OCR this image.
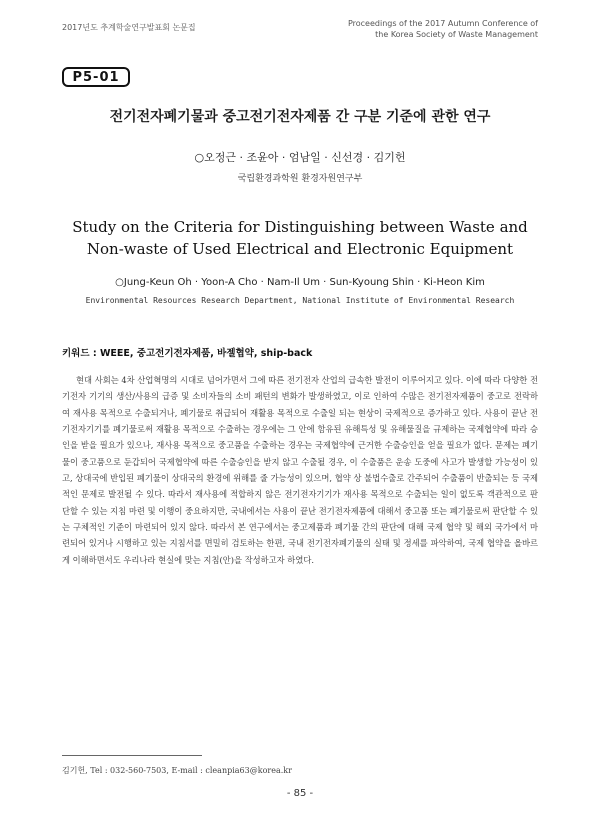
2017년도 추계학술연구발표회 논문집	Proceedings of the 2017 Autumn Conference of
the Korea Society of Waste Management
P5-01
전기전자폐기물과 중고전기전자제품 간 구분 기준에 관한 연구
○오정근 · 조윤아 · 엄남일 · 신선경 · 김기헌
국립환경과학원 환경자원연구부
Study on the Criteria for Distinguishing between Waste and
Non-waste of Used Electrical and Electronic Equipment
○Jung-Keun Oh · Yoon-A Cho · Nam-Il Um · Sun-Kyoung Shin · Ki-Heon Kim
Environmental Resources Research Department, National Institute of Environmental Research
키워드 : WEEE, 중고전기전자제품, 바젤협약, ship-back

현대 사회는 4차 산업혁명의 시대로 넘어가면서 그에 따른 전기전자 산업의 급속한 발전이 이루어지고 있다. 이에 따라 다양한 전기전자 기기의 생산/사용의 급증 및 소비자들의 소비 패턴의 변화가 발생하였고, 이로 인하여 수많은 전기전자제품이 중고로 전락하여 재사용 목적으로 수출되거나, 폐기물로 취급되어 재활용 목적으로 수출일 되는 현상이 국제적으로 증가하고 있다. 사용이 끝난 전기전자기기를 폐기물로써 재활용 목적으로 수출하는 경우에는 그 안에 함유된 유해특성 및 유해물질을 규제하는 국제협약에 따라 승인을 받을 필요가 있으나, 재사용 목적으로 중고품을 수출하는 경우는 국제협약에 근거한 수출승인을 얻을 필요가 없다. 문제는 폐기물이 중고품으로 둔갑되어 국제협약에 따른 수출승인을 받지 않고 수출될 경우, 이 수출품은 운송 도중에 사고가 발생할 가능성이 있고, 상대국에 반입된 폐기물이 상대국의 환경에 위해를 줄 가능성이 있으며, 협약 상 불법수출로 간주되어 수출품이 반출되는 등 국제적인 문제로 발전될 수 있다. 따라서 재사용에 적합하지 않은 전기전자기기가 재사용 목적으로 수출되는 일이 없도록 객관적으로 판단할 수 있는 지침 마련 및 이행이 중요하지만, 국내에서는 사용이 끝난 전기전자제품에 대해서 중고품 또는 폐기물로써 판단할 수 있는 구체적인 기준이 마련되어 있지 않다. 따라서 본 연구에서는 중고제품과 폐기물 간의 판단에 대해 국제 협약 및 해외 국가에서 마련되어 있거나 시행하고 있는 지침서를 면밀히 검토하는 한편, 국내 전기전자폐기물의 실태 및 정세를 파악하여, 국제 협약을 올바르게 이해하면서도 우리나라 현실에 맞는 지침(안)을 작성하고자 하였다.

김기헌, Tel : 032-560-7503, E-mail : cleanpia63@korea.kr
- 85 -
